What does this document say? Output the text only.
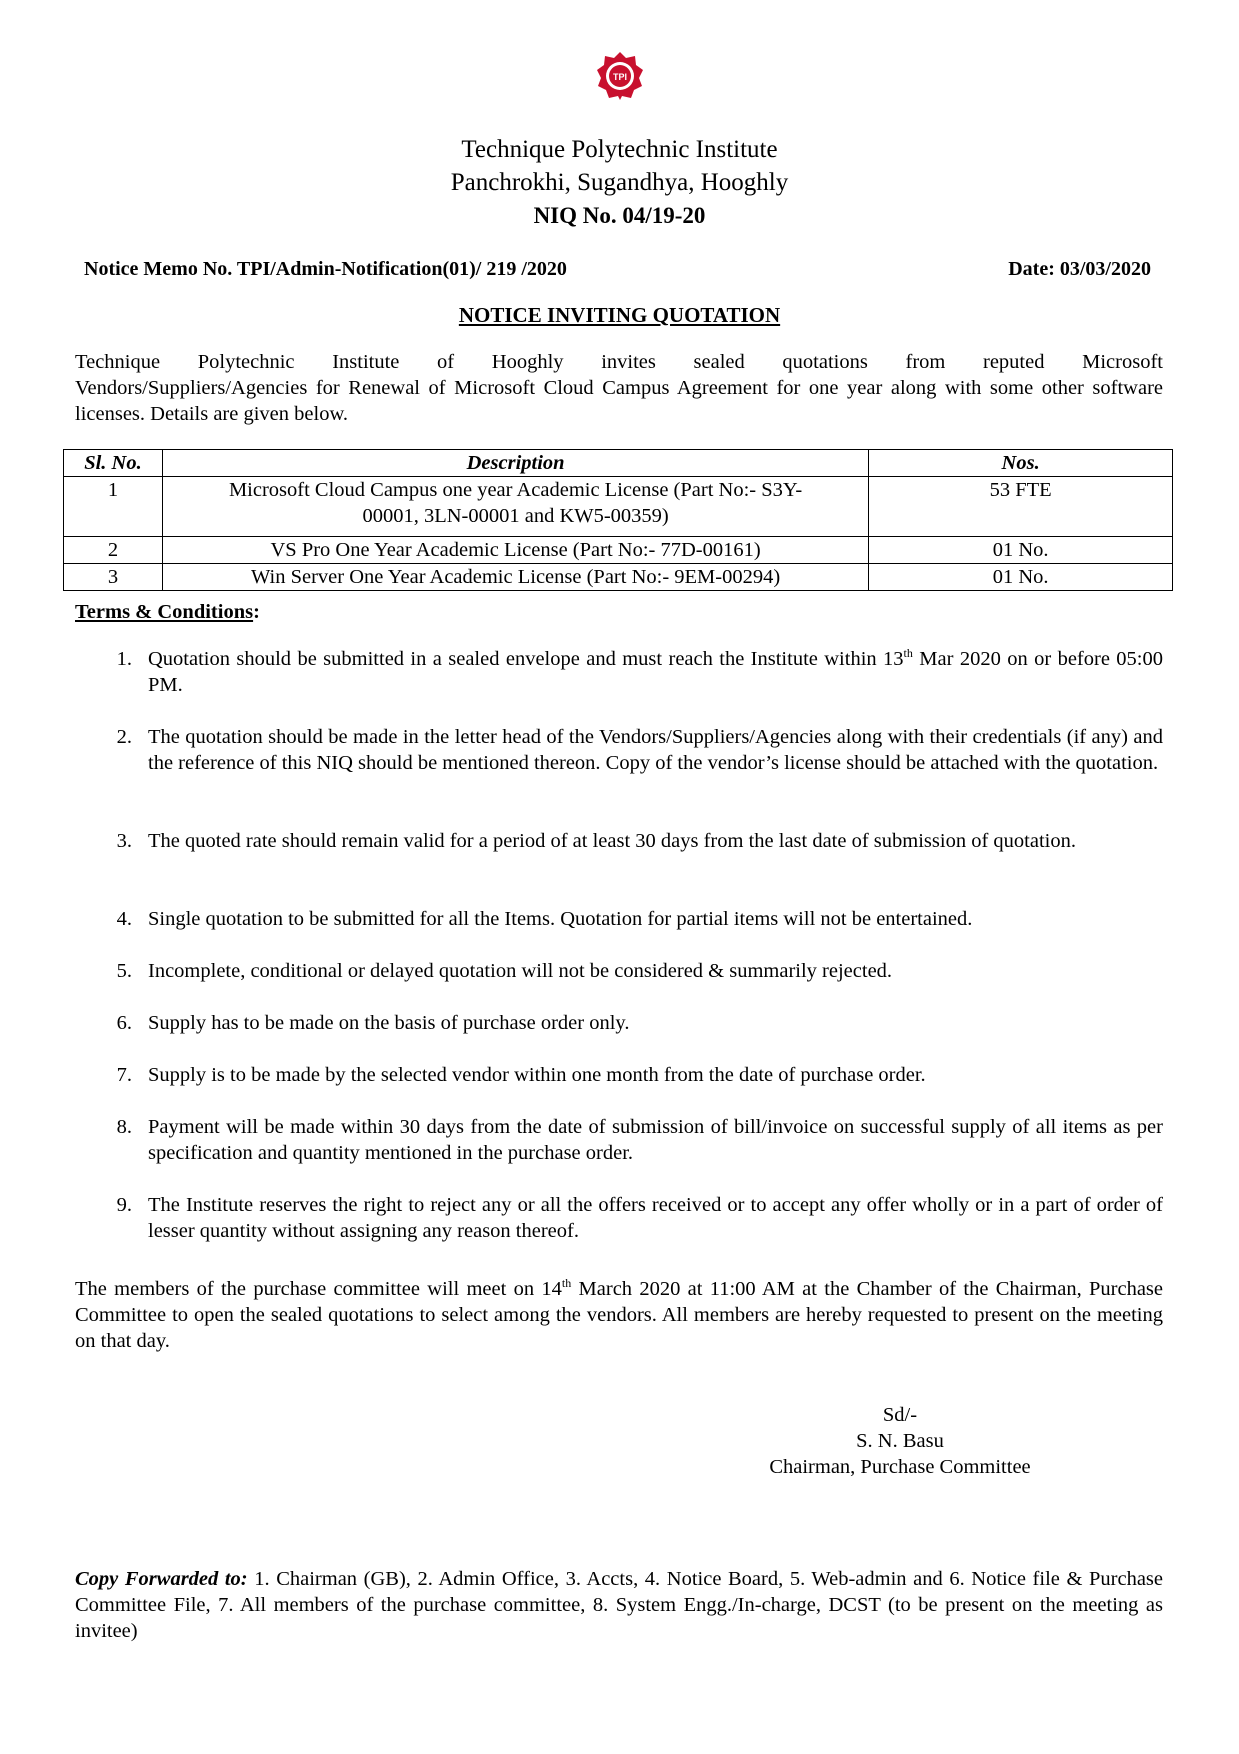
TPI
Technique Polytechnic Institute
Panchrokhi, Sugandhya, Hooghly
NIQ No. 04/19-20
Notice Memo No. TPI/Admin-Notification(01)/ 219 /2020	Date: 03/03/2020
NOTICE INVITING QUOTATION
Technique Polytechnic Institute of Hooghly invites sealed quotations from reputed Microsoft
Vendors/Suppliers/Agencies for Renewal of Microsoft Cloud Campus Agreement for one year along with some other software licenses. Details are given below.
Sl. No.	Description	Nos.
1	Microsoft Cloud Campus one year Academic License (Part No:- S3Y-
00001, 3LN-00001 and KW5-00359)	53 FTE
2	VS Pro One Year Academic License (Part No:- 77D-00161)	01 No.
3	Win Server One Year Academic License (Part No:- 9EM-00294)	01 No.
Terms & Conditions:
1. Quotation should be submitted in a sealed envelope and must reach the Institute within 13th Mar 2020 on or before 05:00 PM.
2. The quotation should be made in the letter head of the Vendors/Suppliers/Agencies along with their credentials (if any) and the reference of this NIQ should be mentioned thereon. Copy of the vendor’s license should be attached with the quotation.
3. The quoted rate should remain valid for a period of at least 30 days from the last date of submission of quotation.
4. Single quotation to be submitted for all the Items. Quotation for partial items will not be entertained.
5. Incomplete, conditional or delayed quotation will not be considered & summarily rejected.
6. Supply has to be made on the basis of purchase order only.
7. Supply is to be made by the selected vendor within one month from the date of purchase order.
8. Payment will be made within 30 days from the date of submission of bill/invoice on successful supply of all items as per specification and quantity mentioned in the purchase order.
9. The Institute reserves the right to reject any or all the offers received or to accept any offer wholly or in a part of order of lesser quantity without assigning any reason thereof.
The members of the purchase committee will meet on 14th March 2020 at 11:00 AM at the Chamber of the Chairman, Purchase Committee to open the sealed quotations to select among the vendors. All members are hereby requested to present on the meeting on that day.
Sd/-
S. N. Basu
Chairman, Purchase Committee
Copy Forwarded to: 1. Chairman (GB), 2. Admin Office, 3. Accts, 4. Notice Board, 5. Web-admin and 6. Notice file & Purchase Committee File, 7. All members of the purchase committee, 8. System Engg./In-charge, DCST (to be present on the meeting as invitee)
